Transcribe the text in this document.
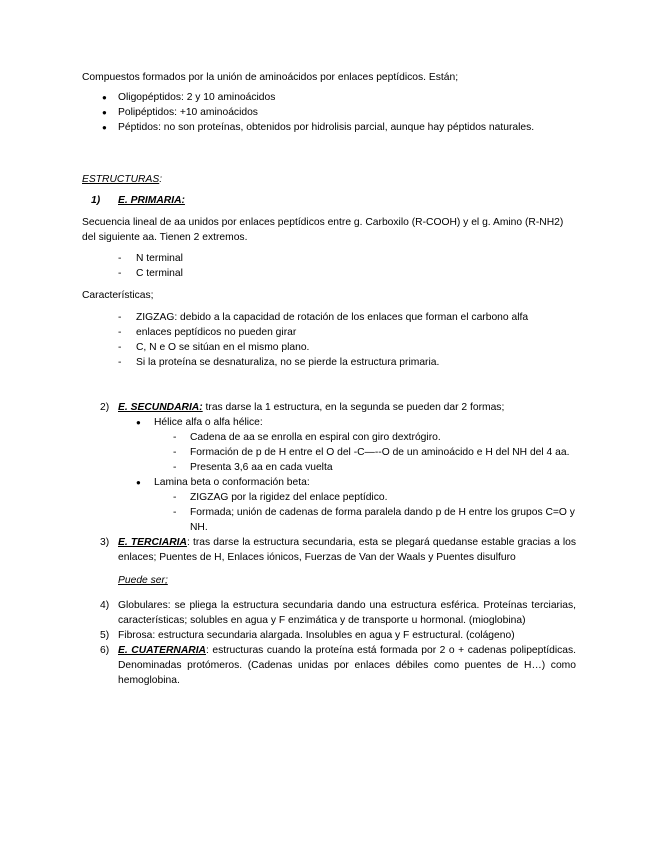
Compuestos formados por la unión de aminoácidos por enlaces peptídicos. Están;

● Oligopéptidos: 2 y 10 aminoácidos
● Polipéptidos: +10 aminoácidos
● Péptidos: no son proteínas, obtenidos por hidrolisis parcial, aunque hay péptidos naturales.

ESTRUCTURAS:

1) E. PRIMARIA:

Secuencia lineal de aa unidos por enlaces peptídicos entre g. Carboxilo (R-COOH) y el g. Amino (R-NH2) del siguiente aa. Tienen 2 extremos.

- N terminal
- C terminal

Características;

- ZIGZAG: debido a la capacidad de rotación de los enlaces que forman el carbono alfa
- enlaces peptídicos no pueden girar
- C, N e O se sitúan en el mismo plano.
- Si la proteína se desnaturaliza, no se pierde la estructura primaria.
2) E. SECUNDARIA: tras darse la 1 estructura, en la segunda se pueden dar 2 formas;
● Hélice alfa o alfa hélice:
- Cadena de aa se enrolla en espiral con giro dextrógiro.
- Formación de p de H entre el O del -C—--O de un aminoácido e H del NH del 4 aa.
- Presenta 3,6 aa en cada vuelta
● Lamina beta o conformación beta:
- ZIGZAG por la rigidez del enlace peptídico.
- Formada; unión de cadenas de forma paralela dando p de H entre los grupos C=O y NH.
3) E. TERCIARIA: tras darse la estructura secundaria, esta se plegará quedanse estable gracias a los enlaces; Puentes de H, Enlaces iónicos, Fuerzas de Van der Waals y Puentes disulfuro

Puede ser;

4) Globulares: se pliega la estructura secundaria dando una estructura esférica. Proteínas terciarias, características; solubles en agua y F enzimática y de transporte u hormonal. (mioglobina)
5) Fibrosa: estructura secundaria alargada. Insolubles en agua y F estructural. (colágeno)
6) E. CUATERNARIA: estructuras cuando la proteína está formada por 2 o + cadenas polipeptídicas. Denominadas protómeros. (Cadenas unidas por enlaces débiles como puentes de H…) como hemoglobina.
